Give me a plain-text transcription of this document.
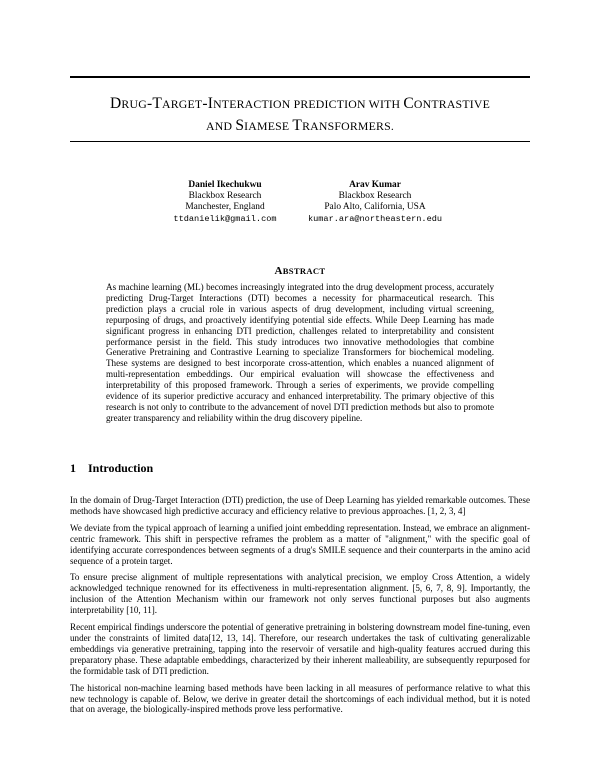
DRUG-TARGET-INTERACTION PREDICTION WITH CONTRASTIVE
AND SIAMESE TRANSFORMERS.
Daniel Ikechukwu
Blackbox Research
Manchester, England
ttdanielik@gmail.com
Arav Kumar
Blackbox Research
Palo Alto, California, USA
kumar.ara@northeastern.edu
ABSTRACT
As machine learning (ML) becomes increasingly integrated into the drug development process, accurately predicting Drug-Target Interactions (DTI) becomes a necessity for pharmaceutical research. This prediction plays a crucial role in various aspects of drug development, including virtual screening, repurposing of drugs, and proactively identifying potential side effects. While Deep Learning has made significant progress in enhancing DTI prediction, challenges related to interpretability and consistent performance persist in the field. This study introduces two innovative methodologies that combine Generative Pretraining and Contrastive Learning to specialize Transformers for biochemical modeling. These systems are designed to best incorporate cross-attention, which enables a nuanced alignment of multi-representation embeddings. Our empirical evaluation will showcase the effectiveness and interpretability of this proposed framework. Through a series of experiments, we provide compelling evidence of its superior predictive accuracy and enhanced interpretability. The primary objective of this research is not only to contribute to the advancement of novel DTI prediction methods but also to promote greater transparency and reliability within the drug discovery pipeline.
1 Introduction

In the domain of Drug-Target Interaction (DTI) prediction, the use of Deep Learning has yielded remarkable outcomes. These methods have showcased high predictive accuracy and efficiency relative to previous approaches. [1, 2, 3, 4]

We deviate from the typical approach of learning a unified joint embedding representation. Instead, we embrace an alignment-centric framework. This shift in perspective reframes the problem as a matter of "alignment," with the specific goal of identifying accurate correspondences between segments of a drug's SMILE sequence and their counterparts in the amino acid sequence of a protein target.

To ensure precise alignment of multiple representations with analytical precision, we employ Cross Attention, a widely acknowledged technique renowned for its effectiveness in multi-representation alignment. [5, 6, 7, 8, 9]. Importantly, the inclusion of the Attention Mechanism within our framework not only serves functional purposes but also augments interpretability [10, 11].

Recent empirical findings underscore the potential of generative pretraining in bolstering downstream model fine-tuning, even under the constraints of limited data[12, 13, 14]. Therefore, our research undertakes the task of cultivating generalizable embeddings via generative pretraining, tapping into the reservoir of versatile and high-quality features accrued during this preparatory phase. These adaptable embeddings, characterized by their inherent malleability, are subsequently repurposed for the formidable task of DTI prediction.

The historical non-machine learning based methods have been lacking in all measures of performance relative to what this new technology is capable of. Below, we derive in greater detail the shortcomings of each individual method, but it is noted that on average, the biologically-inspired methods prove less performative.
